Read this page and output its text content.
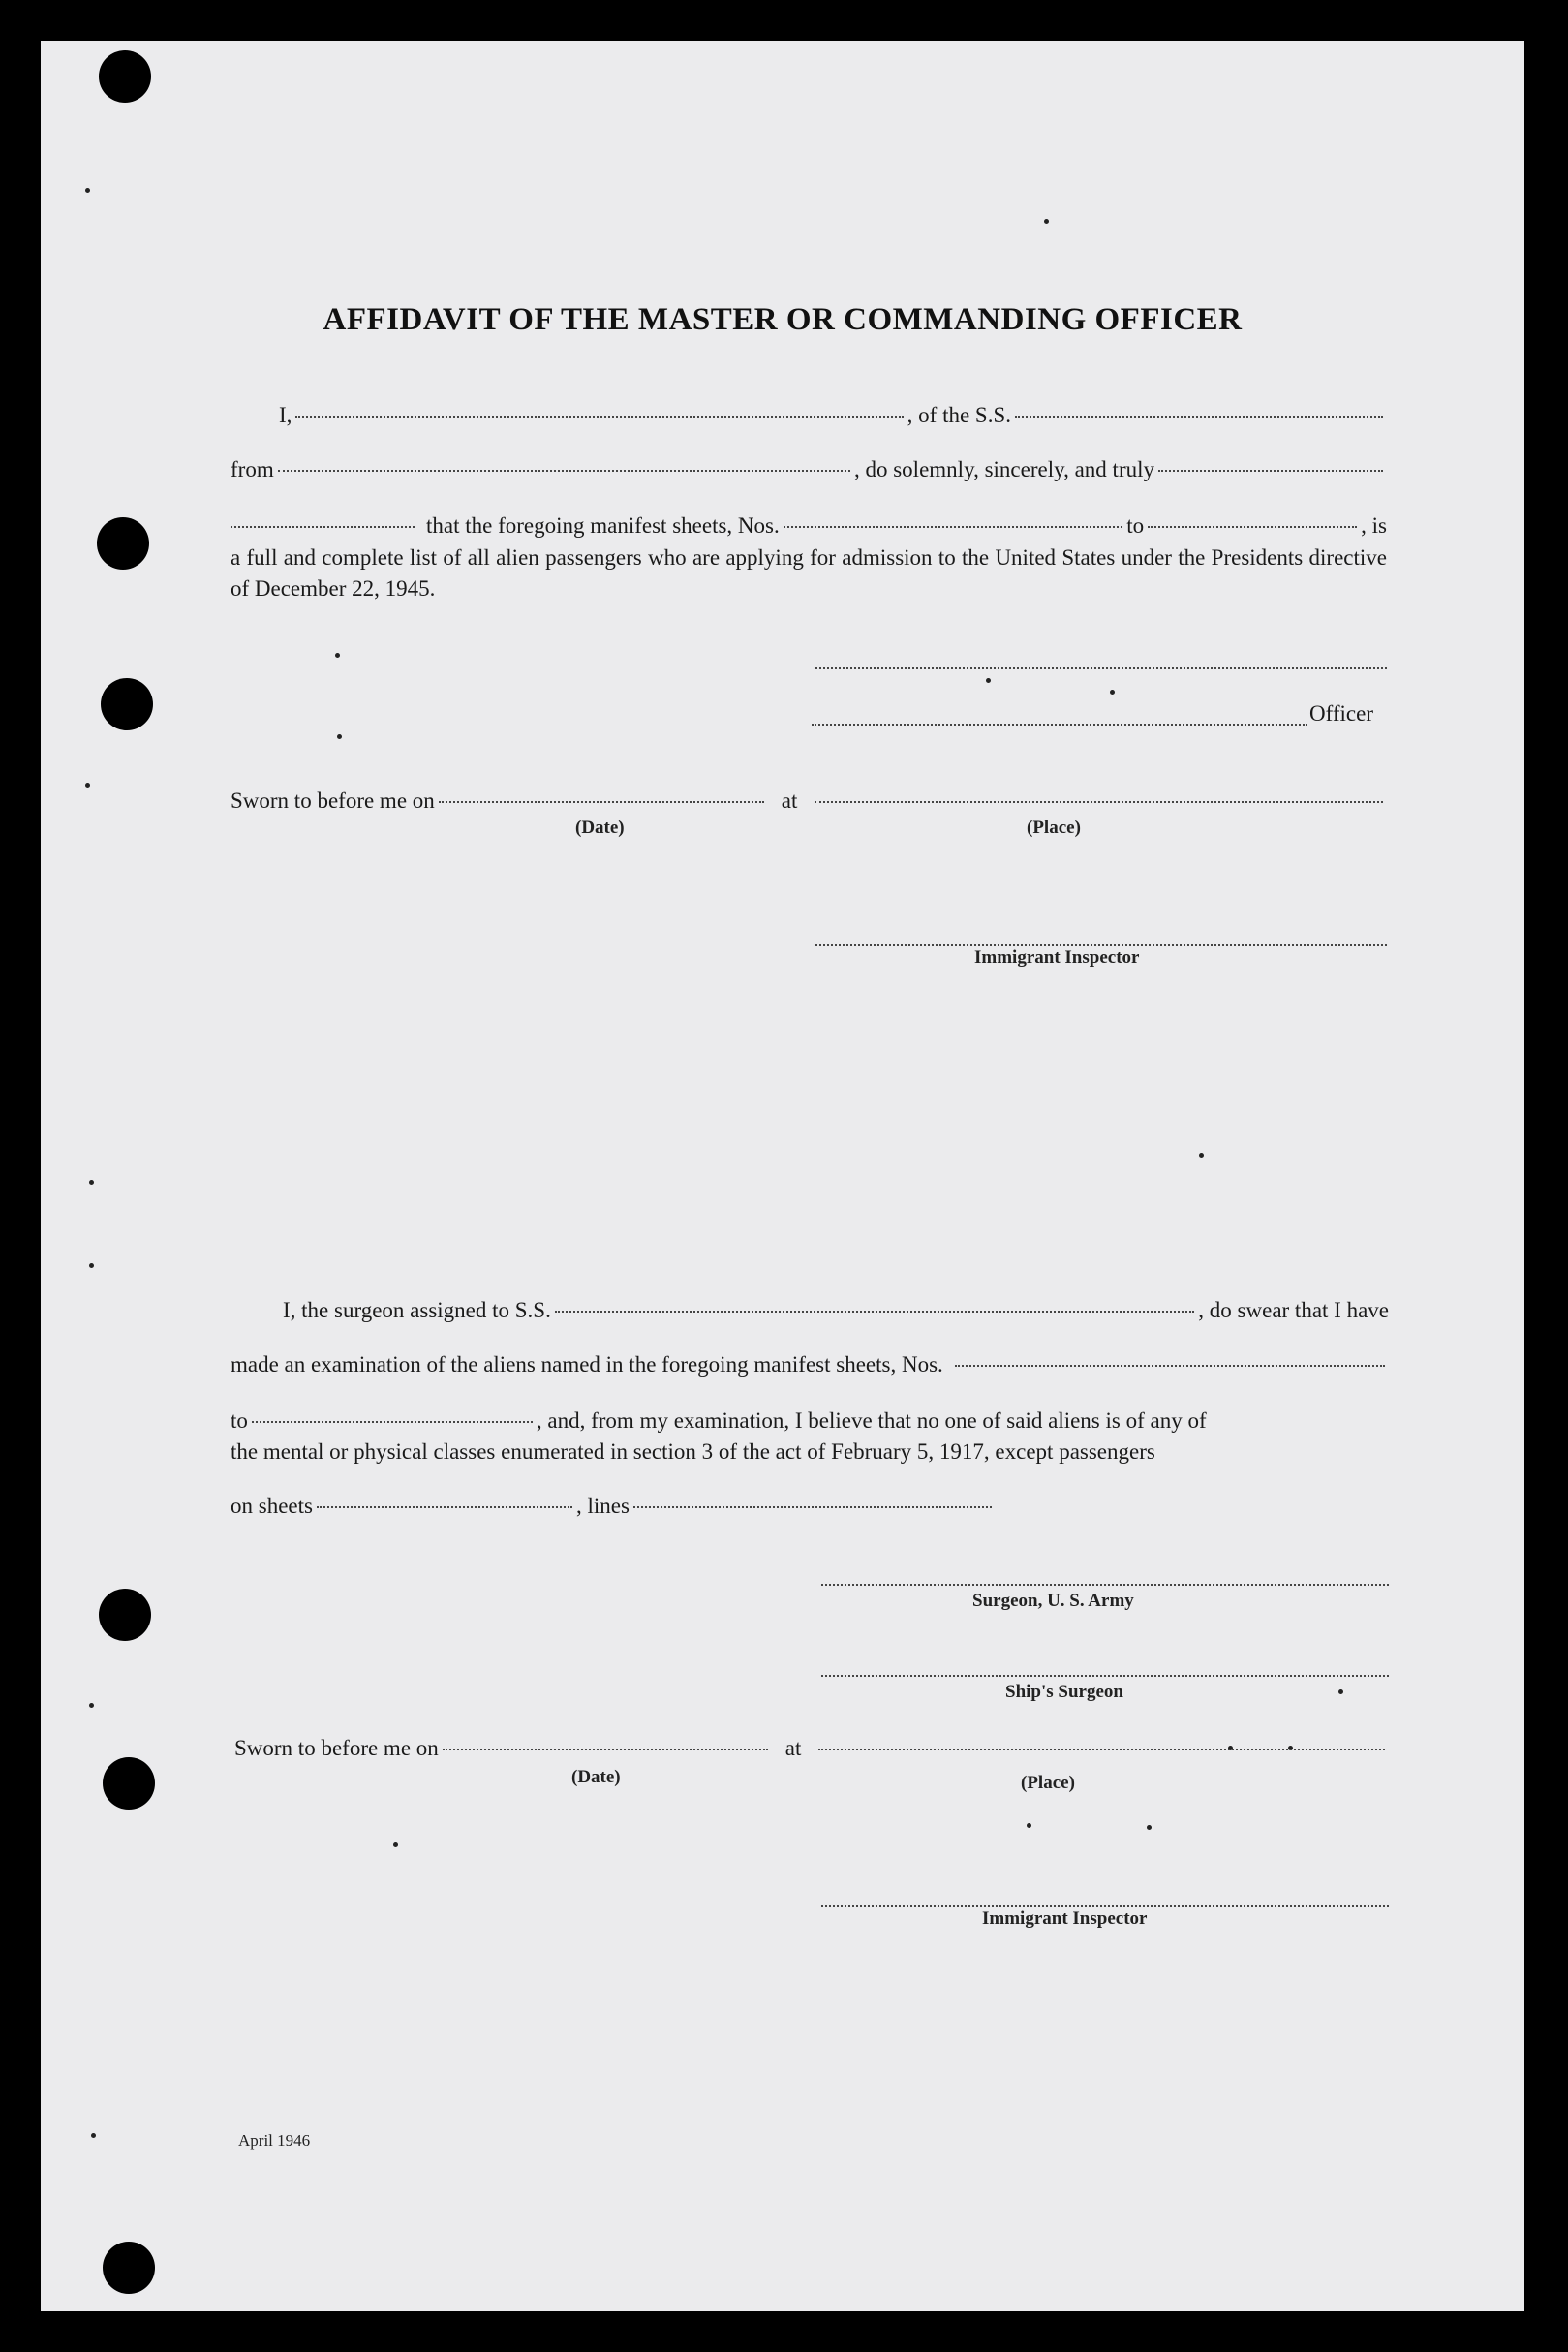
AFFIDAVIT OF THE MASTER OR COMMANDING OFFICER
I,	, of the S.S.
from	, do solemnly, sincerely, and truly
that the foregoing manifest sheets, Nos.	to	, is
a full and complete list of all alien passengers who are applying for admission to the United States under the Presidents directive of December 22, 1945.
Officer
Sworn to before me on	at
(Date)	(Place)
Immigrant Inspector
I, the surgeon assigned to S.S.	, do swear that I have
made an examination of the aliens named in the foregoing manifest sheets, Nos.
to	, and, from my examination, I believe that no one of said aliens is of any of
the mental or physical classes enumerated in section 3 of the act of February 5, 1917, except passengers
on sheets	, lines
Surgeon, U. S. Army
Ship's Surgeon
Sworn to before me on	at
(Date)	(Place)
Immigrant Inspector
April 1946
